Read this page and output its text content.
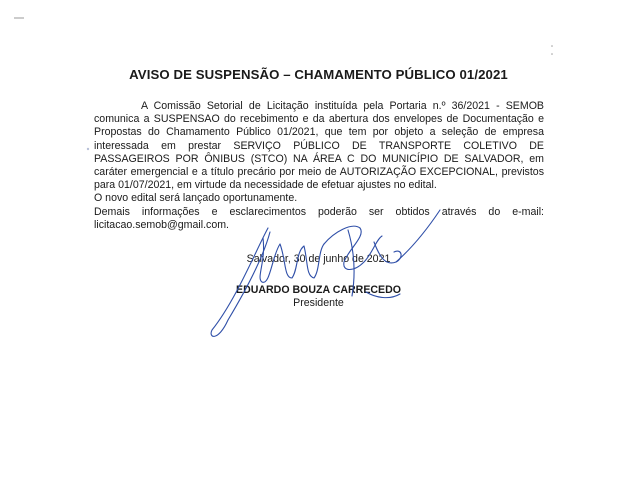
AVISO DE SUSPENSÃO – CHAMAMENTO PÚBLICO 01/2021

A Comissão Setorial de Licitação instituída pela Portaria n.º 36/2021 - SEMOB

comunica a SUSPENSAO do recebimento e da abertura dos envelopes de Documentação e

Propostas do Chamamento Público 01/2021, que tem por objeto a seleção de empresa

interessada em prestar SERVIÇO PÚBLICO DE TRANSPORTE COLETIVO DE

PASSAGEIROS POR ÔNIBUS (STCO) NA ÁREA C DO MUNICÍPIO DE SALVADOR, em

caráter emergencial e a título precário por meio de AUTORIZAÇÃO EXCEPCIONAL, previstos

para 01/07/2021, em virtude da necessidade de efetuar ajustes no edital.

O novo edital será lançado oportunamente.

Demais informações e esclarecimentos poderão ser obtidos através do e-mail:

licitacao.semob@gmail.com.

Salvador, 30 de junho de 2021
EDUARDO BOUZA CARRECEDO
Presidente
